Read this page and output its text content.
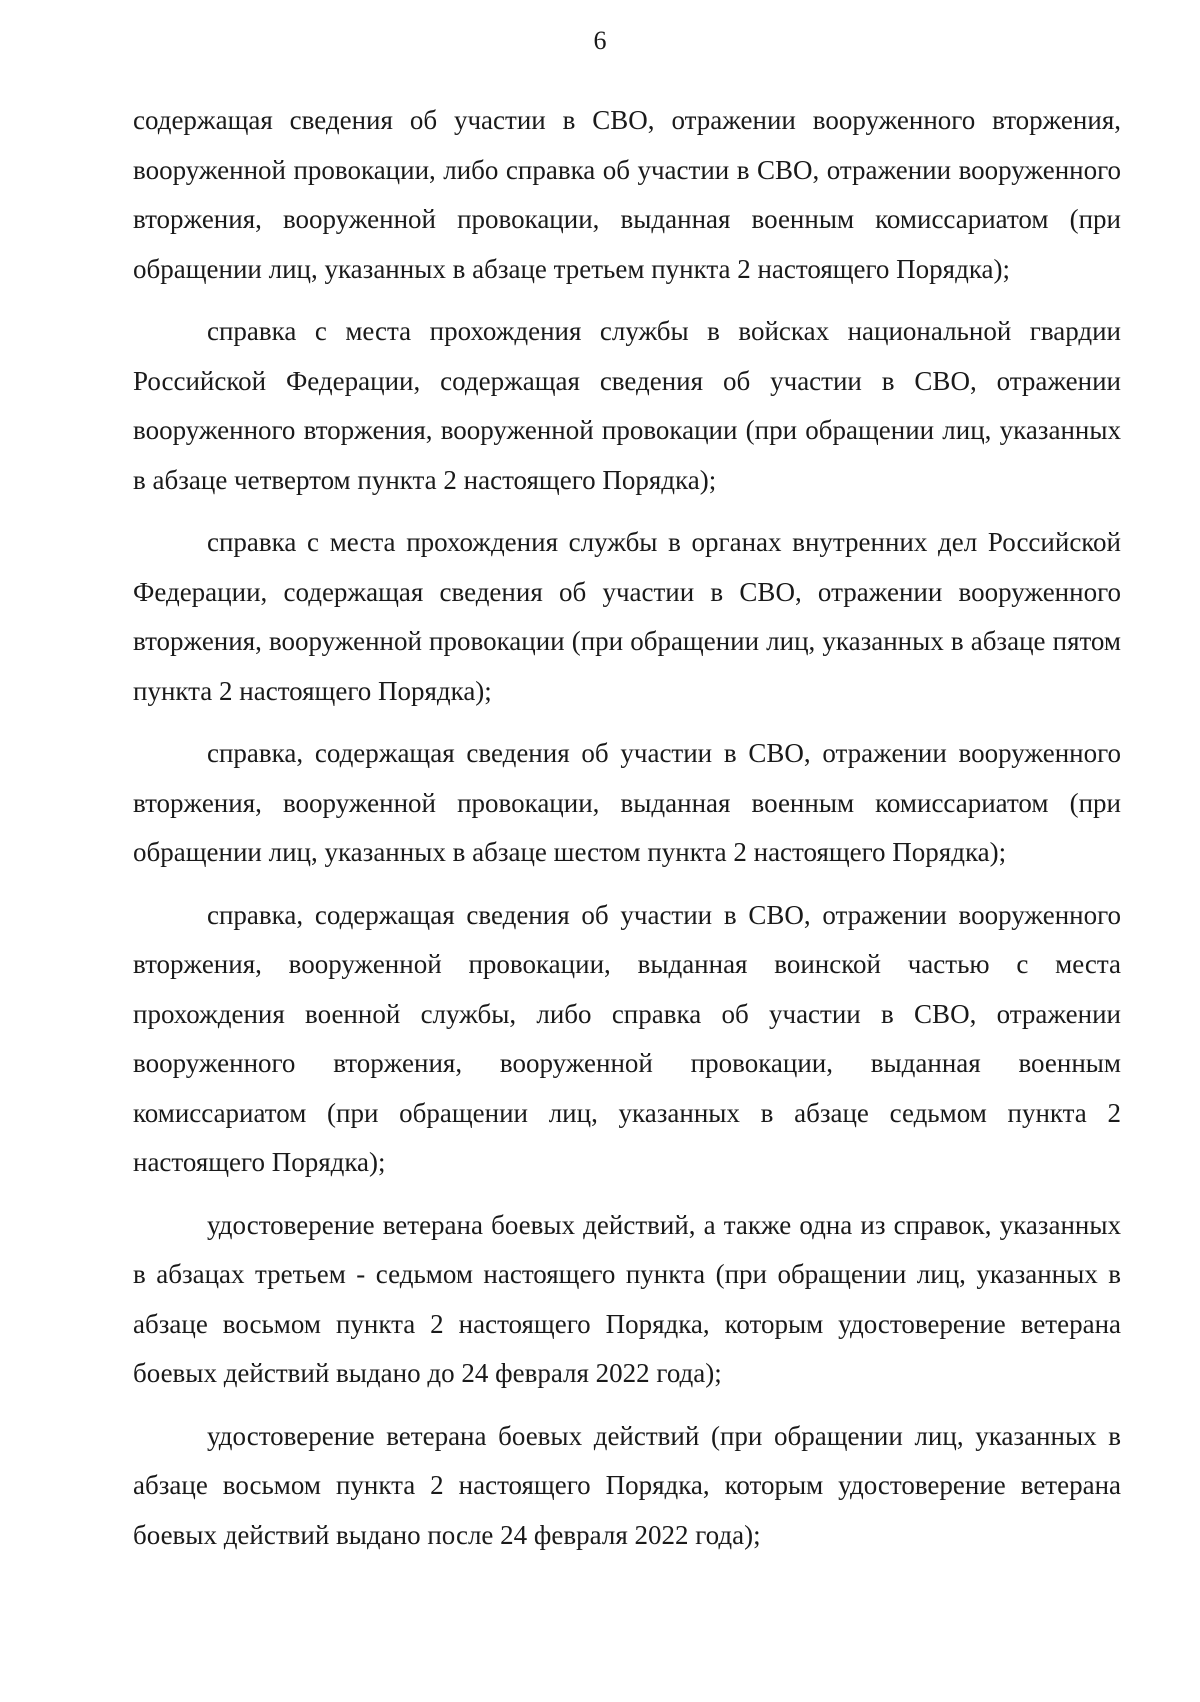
6

содержащая сведения об участии в СВО, отражении вооруженного вторжения, вооруженной провокации, либо справка об участии в СВО, отражении вооруженного вторжения, вооруженной провокации, выданная военным комиссариатом (при обращении лиц, указанных в абзаце третьем пункта 2 настоящего Порядка);

справка с места прохождения службы в войсках национальной гвардии Российской Федерации, содержащая сведения об участии в СВО, отражении вооруженного вторжения, вооруженной провокации (при обращении лиц, указанных в абзаце четвертом пункта 2 настоящего Порядка);

справка с места прохождения службы в органах внутренних дел Российской Федерации, содержащая сведения об участии в СВО, отражении вооруженного вторжения, вооруженной провокации (при обращении лиц, указанных в абзаце пятом пункта 2 настоящего Порядка);

справка, содержащая сведения об участии в СВО, отражении вооруженного вторжения, вооруженной провокации, выданная военным комиссариатом (при обращении лиц, указанных в абзаце шестом пункта 2 настоящего Порядка);

справка, содержащая сведения об участии в СВО, отражении вооруженного вторжения, вооруженной провокации, выданная воинской частью с места прохождения военной службы, либо справка об участии в СВО, отражении вооруженного вторжения, вооруженной провокации, выданная военным комиссариатом (при обращении лиц, указанных в абзаце седьмом пункта 2 настоящего Порядка);

удостоверение ветерана боевых действий, а также одна из справок, указанных в абзацах третьем - седьмом настоящего пункта (при обращении лиц, указанных в абзаце восьмом пункта 2 настоящего Порядка, которым удостоверение ветерана боевых действий выдано до 24 февраля 2022 года);

удостоверение ветерана боевых действий (при обращении лиц, указанных в абзаце восьмом пункта 2 настоящего Порядка, которым удостоверение ветерана боевых действий выдано после 24 февраля 2022 года);
